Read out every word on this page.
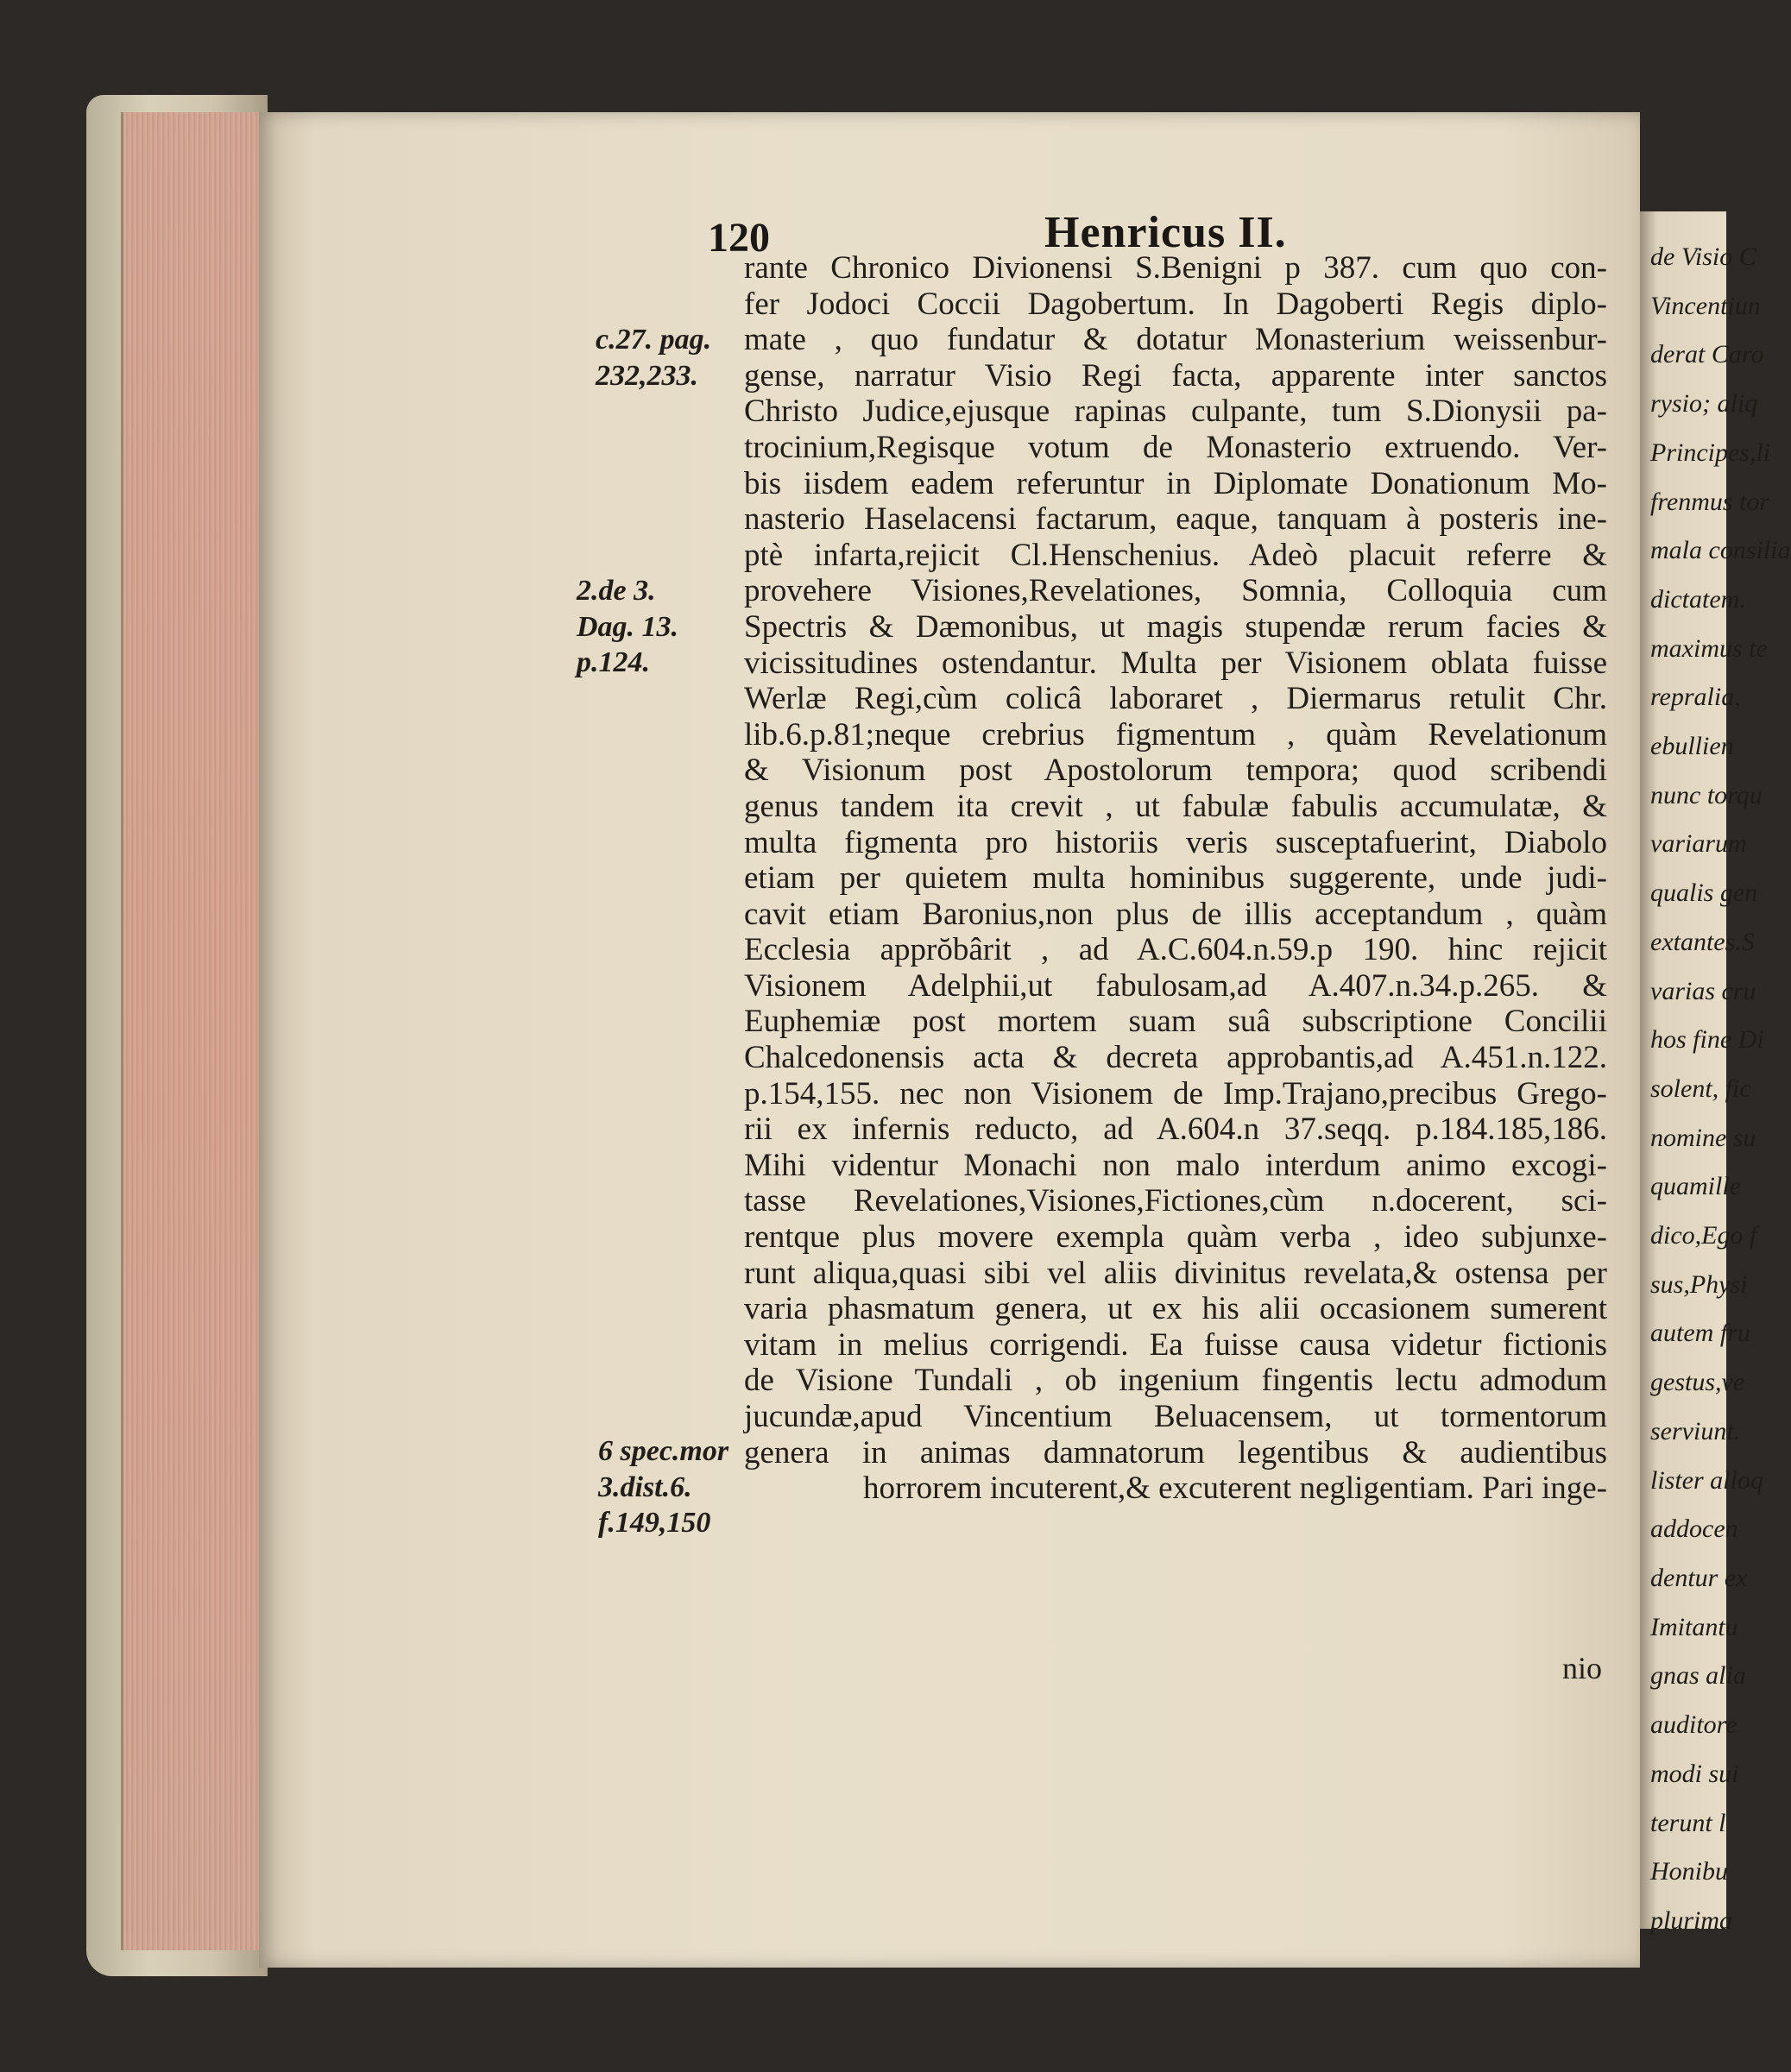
de Visio C
Vincentiun
derat Caro
rysio; aliq
Principes,li
frenmus tor
mala consilia
dictatem.
maximus te
repralia,
ebullien
nunc torqu
variarum
qualis gen
extantes.S
varias cru
hos fine Di
solent, fic
nomine su
quamille
dico,Ego f
sus,Physi
autem fru
gestus,ve
serviunt.
lister alloq
addocen
dentur ex
Imitantu
gnas alia
auditore
modi sui
terunt l
Honibu
plurima
120	Henricus II.
rante Chronico Divionensi S.Benigni p 387. cum quo con-
fer Jodoci Coccii Dagobertum. In Dagoberti Regis diplo-
mate , quo fundatur & dotatur Monasterium weissenbur-
gense, narratur Visio Regi facta, apparente inter sanctos
Christo Judice,ejusque rapinas culpante, tum S.Dionysii pa-
trocinium,Regisque votum de Monasterio extruendo. Ver-
bis iisdem eadem referuntur in Diplomate Donationum Mo-
nasterio Haselacensi factarum, eaque, tanquam à posteris ine-
ptè infarta,rejicit Cl.Henschenius. Adeò placuit referre &
provehere Visiones,Revelationes, Somnia, Colloquia cum
Spectris & Dæmonibus, ut magis stupendæ rerum facies &
vicissitudines ostendantur. Multa per Visionem oblata fuisse
Werlæ Regi,cùm colicâ laboraret , Diermarus retulit Chr.
lib.6.p.81;neque crebrius figmentum , quàm Revelationum
& Visionum post Apostolorum tempora; quod scribendi
genus tandem ita crevit , ut fabulæ fabulis accumulatæ, &
multa figmenta pro historiis veris susceptafuerint, Diabolo
etiam per quietem multa hominibus suggerente, unde judi-
cavit etiam Baronius,non plus de illis acceptandum , quàm
Ecclesia apprŏbârit , ad A.C.604.n.59.p 190. hinc rejicit
Visionem Adelphii,ut fabulosam,ad A.407.n.34.p.265. &
Euphemiæ post mortem suam suâ subscriptione Concilii
Chalcedonensis acta & decreta approbantis,ad A.451.n.122.
p.154,155. nec non Visionem de Imp.Trajano,precibus Grego-
rii ex infernis reducto, ad A.604.n 37.seqq. p.184.185,186.
Mihi videntur Monachi non malo interdum animo excogi-
tasse Revelationes,Visiones,Fictiones,cùm n.docerent, sci-
rentque plus movere exempla quàm verba , ideo subjunxe-
runt aliqua,quasi sibi vel aliis divinitus revelata,& ostensa per
varia phasmatum genera, ut ex his alii occasionem sumerent
vitam in melius corrigendi. Ea fuisse causa videtur fictionis
de Visione Tundali , ob ingenium fingentis lectu admodum
jucundæ,apud Vincentium Beluacensem, ut tormentorum
genera in animas damnatorum legentibus & audientibus
horrorem incuterent,& excuterent negligentiam. Pari inge-
c.27. pag.
232,233.
2.de 3.
Dag. 13.
p.124.
6 spec.mor
3.dist.6.
f.149,150
nio
